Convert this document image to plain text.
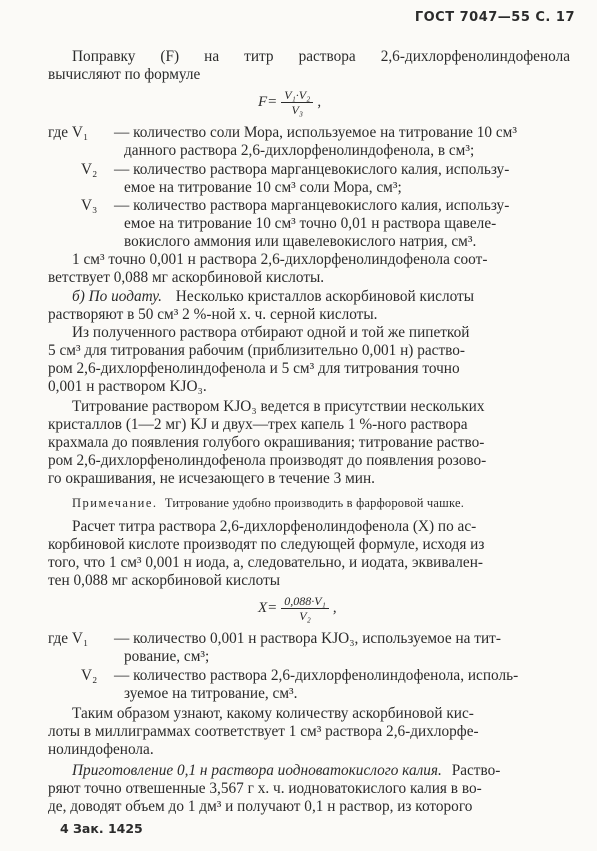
ГОСТ 7047—55 С. 17
Поправку (F) на титр раствора 2,6-дихлорфенолиндофенола
вычисляют по формуле
$F= \frac{\text{V₁·V₂}}{\text{V₃}}$ ,
где V₁ — количество соли Мора, используемое на титрование 10 см³
данного раствора 2,6-дихлорфенолиндофенола, в см³;
V₂ — количество раствора марганцевокислого калия, использу-
емое на титрование 10 см³ соли Мора, см³;
V₃ — количество раствора марганцевокислого калия, использу-
емое на титрование 10 см³ точно 0,01 н раствора щавеле-
вокислого аммония или щавелевокислого натрия, см³.
1 см³ точно 0,001 н раствора 2,6-дихлорфенолиндофенола соот-
ветствует 0,088 мг аскорбиновой кислоты.
б) По иодату. Несколько кристаллов аскорбиновой кислоты
растворяют в 50 см³ 2 %-ной х. ч. серной кислоты.
Из полученного раствора отбирают одной и той же пипеткой
5 см³ для титрования рабочим (приблизительно 0,001 н) раство-
ром 2,6-дихлорфенолиндофенола и 5 см³ для титрования точно
0,001 н раствором KJO₃.
Титрование раствором KJO₃ ведется в присутствии нескольких
кристаллов (1—2 мг) KJ и двух—трех капель 1 %-ного раствора
крахмала до появления голубого окрашивания; титрование раство-
ром 2,6-дихлорфенолиндофенола производят до появления розово-
го окрашивания, не исчезающего в течение 3 мин.
Примечание. Титрование удобно производить в фарфоровой чашке.
Расчет титра раствора 2,6-дихлорфенолиндофенола (X) по ас-
корбиновой кислоте производят по следующей формуле, исходя из
того, что 1 см³ 0,001 н иода, а, следовательно, и иодата, эквивален-
тен 0,088 мг аскорбиновой кислоты
$X= \frac{\text{0,088·V₁}}{\text{V₂}}$ ,
где V₁ — количество 0,001 н раствора KJO₃, используемое на тит-
рование, см³;
V₂ — количество раствора 2,6-дихлорфенолиндофенола, исполь-
зуемое на титрование, см³.
Таким образом узнают, какому количеству аскорбиновой кис-
лоты в миллиграммах соответствует 1 см³ раствора 2,6-дихлорфе-
нолиндофенола.
Приготовление 0,1 н раствора иодноватокислого калия. Раство-
ряют точно отвешенные 3,567 г х. ч. иодноватокислого калия в во-
де, доводят объем до 1 дм³ и получают 0,1 н раствор, из которого
4 Зак. 1425
